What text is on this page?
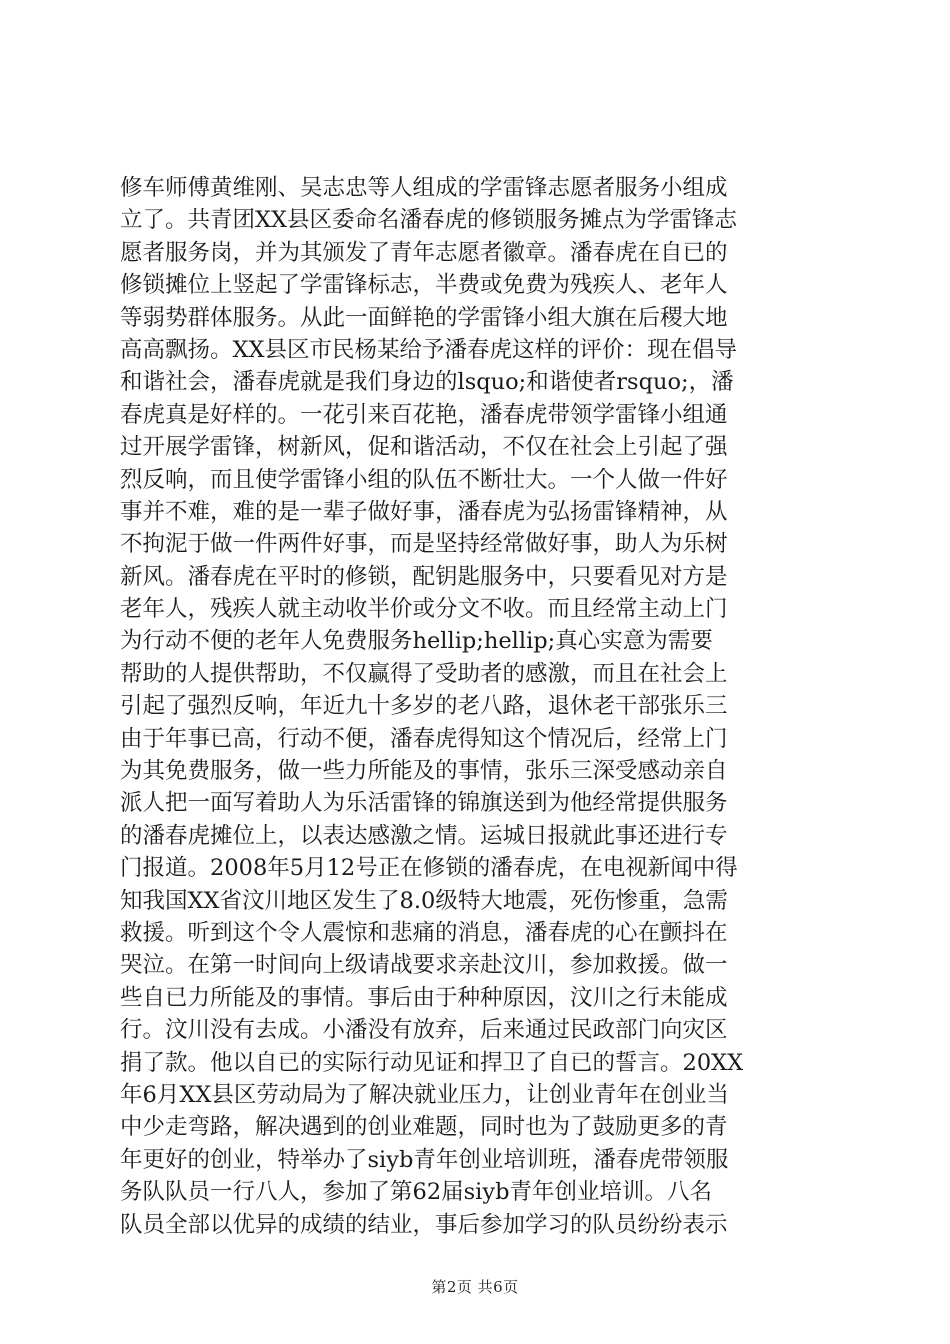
修车师傅黄维刚、吴志忠等人组成的学雷锋志愿者服务小组成
立了。共青团XX县区委命名潘春虎的修锁服务摊点为学雷锋志
愿者服务岗，并为其颁发了青年志愿者徽章。潘春虎在自已的
修锁摊位上竖起了学雷锋标志，半费或免费为残疾人、老年人
等弱势群体服务。从此一面鲜艳的学雷锋小组大旗在后稷大地
高高飘扬。XX县区市民杨某给予潘春虎这样的评价：现在倡导
和谐社会，潘春虎就是我们身边的lsquo;和谐使者rsquo;，潘
春虎真是好样的。一花引来百花艳，潘春虎带领学雷锋小组通
过开展学雷锋，树新风，促和谐活动，不仅在社会上引起了强
烈反响，而且使学雷锋小组的队伍不断壮大。一个人做一件好
事并不难，难的是一辈子做好事，潘春虎为弘扬雷锋精神，从
不拘泥于做一件两件好事，而是坚持经常做好事，助人为乐树
新风。潘春虎在平时的修锁，配钥匙服务中，只要看见对方是
老年人，残疾人就主动收半价或分文不收。而且经常主动上门
为行动不便的老年人免费服务hellip;hellip;真心实意为需要
帮助的人提供帮助，不仅赢得了受助者的感激，而且在社会上
引起了强烈反响，年近九十多岁的老八路，退休老干部张乐三
由于年事已高，行动不便，潘春虎得知这个情况后，经常上门
为其免费服务，做一些力所能及的事情，张乐三深受感动亲自
派人把一面写着助人为乐活雷锋的锦旗送到为他经常提供服务
的潘春虎摊位上，以表达感激之情。运城日报就此事还进行专
门报道。2008年5月12号正在修锁的潘春虎，在电视新闻中得
知我国XX省汶川地区发生了8.0级特大地震，死伤惨重，急需
救援。听到这个令人震惊和悲痛的消息，潘春虎的心在颤抖在
哭泣。在第一时间向上级请战要求亲赴汶川，参加救援。做一
些自已力所能及的事情。事后由于种种原因，汶川之行未能成
行。汶川没有去成。小潘没有放弃，后来通过民政部门向灾区
捐了款。他以自已的实际行动见证和捍卫了自已的誓言。20XX
年6月XX县区劳动局为了解决就业压力，让创业青年在创业当
中少走弯路，解决遇到的创业难题，同时也为了鼓励更多的青
年更好的创业，特举办了siyb青年创业培训班，潘春虎带领服
务队队员一行八人，参加了第62届siyb青年创业培训。八名
队员全部以优异的成绩的结业，事后参加学习的队员纷纷表示
第2页 共6页
